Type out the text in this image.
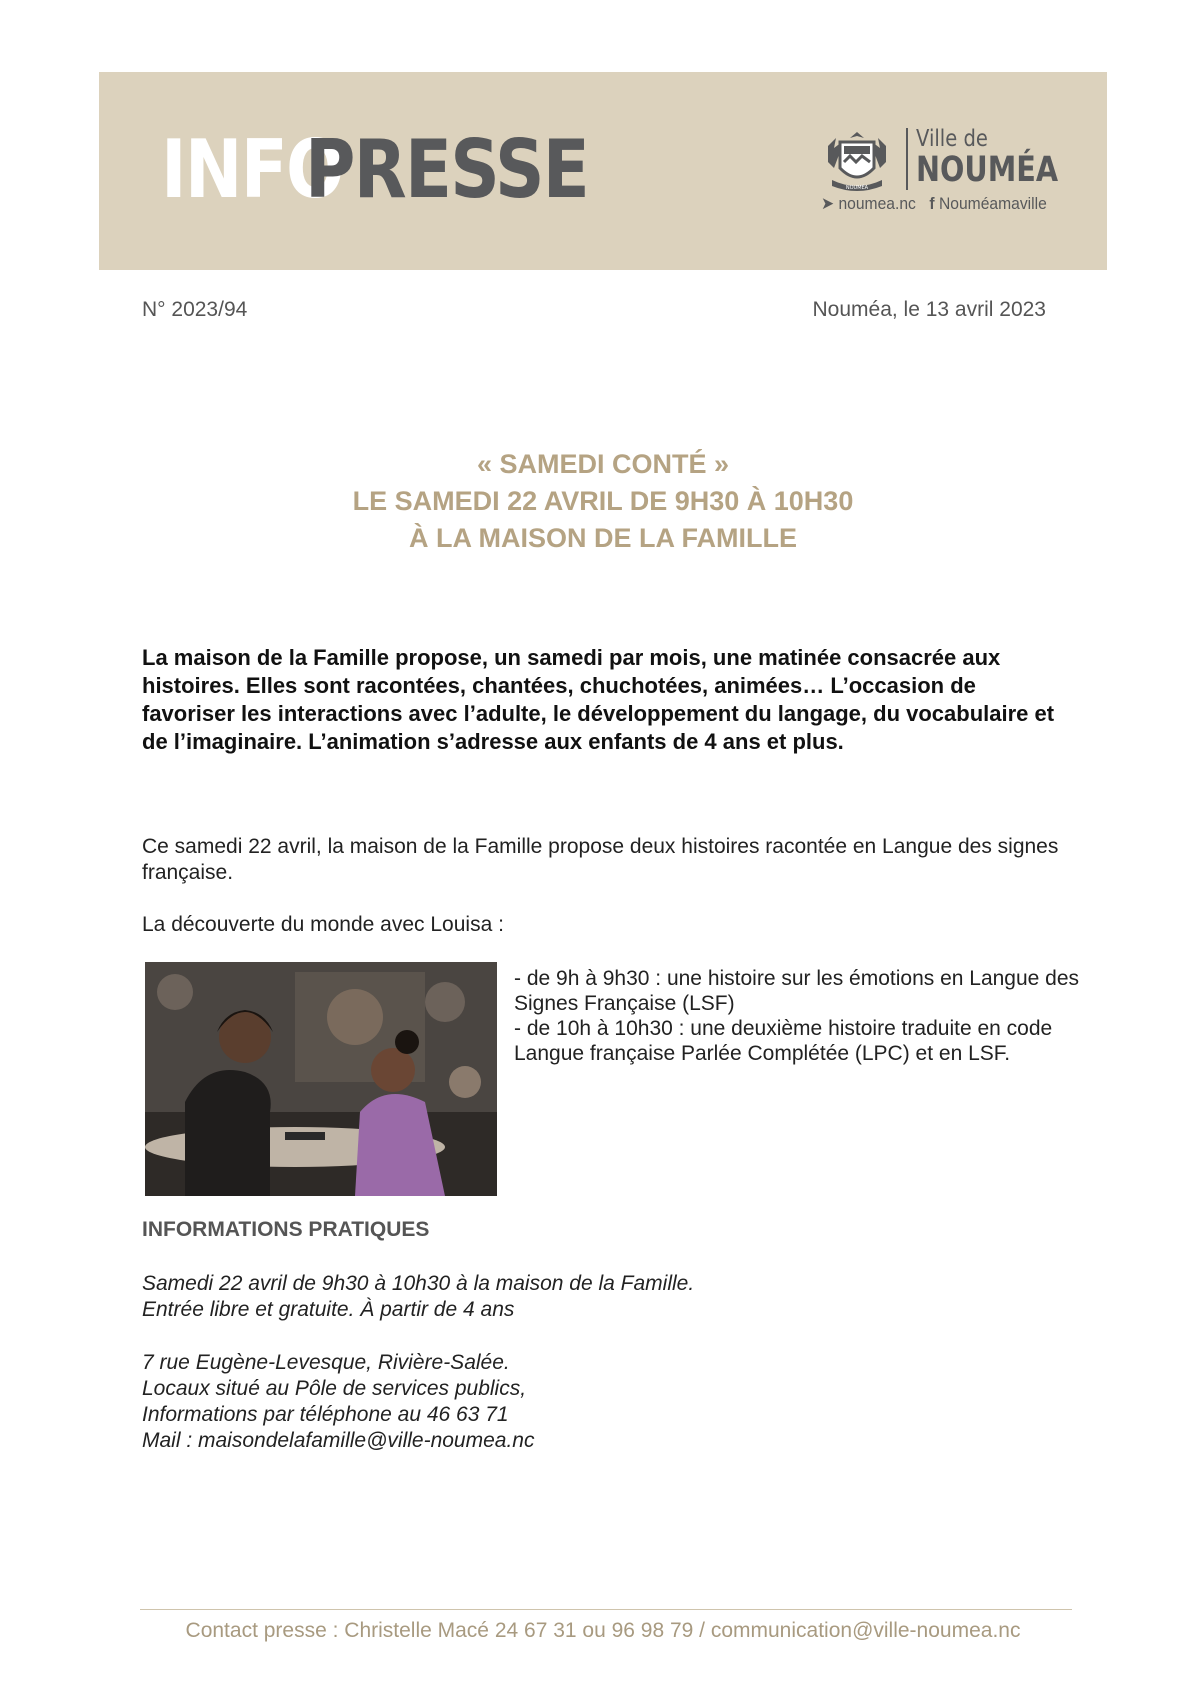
INFO
PRESSE	NOUMÉA
Ville de
NOUMÉA
➤ noumea.nc f Nouméamaville
N° 2023/94	Nouméa, le 13 avril 2023
« SAMEDI CONTÉ »
LE SAMEDI 22 AVRIL DE 9H30 À 10H30
À LA MAISON DE LA FAMILLE
La maison de la Famille propose, un samedi par mois, une matinée consacrée aux histoires. Elles sont racontées, chantées, chuchotées, animées… L’occasion de favoriser les interactions avec l’adulte, le développement du langage, du vocabulaire et de l’imaginaire. L’animation s’adresse aux enfants de 4 ans et plus.
Ce samedi 22 avril, la maison de la Famille propose deux histoires racontée en Langue des signes française.
La découverte du monde avec Louisa :

- de 9h à 9h30 : une histoire sur les émotions en Langue des Signes Française (LSF)

- de 10h à 10h30 : une deuxième histoire traduite en code Langue française Parlée Complétée (LPC) et en LSF.

INFORMATIONS PRATIQUES

Samedi 22 avril de 9h30 à 10h30 à la maison de la Famille.

Entrée libre et gratuite. À partir de 4 ans

7 rue Eugène-Levesque, Rivière-Salée.

Locaux situé au Pôle de services publics,

Informations par téléphone au 46 63 71

Mail : maisondelafamille@ville-noumea.nc

Contact presse : Christelle Macé 24 67 31 ou 96 98 79 / communication@ville-noumea.nc
